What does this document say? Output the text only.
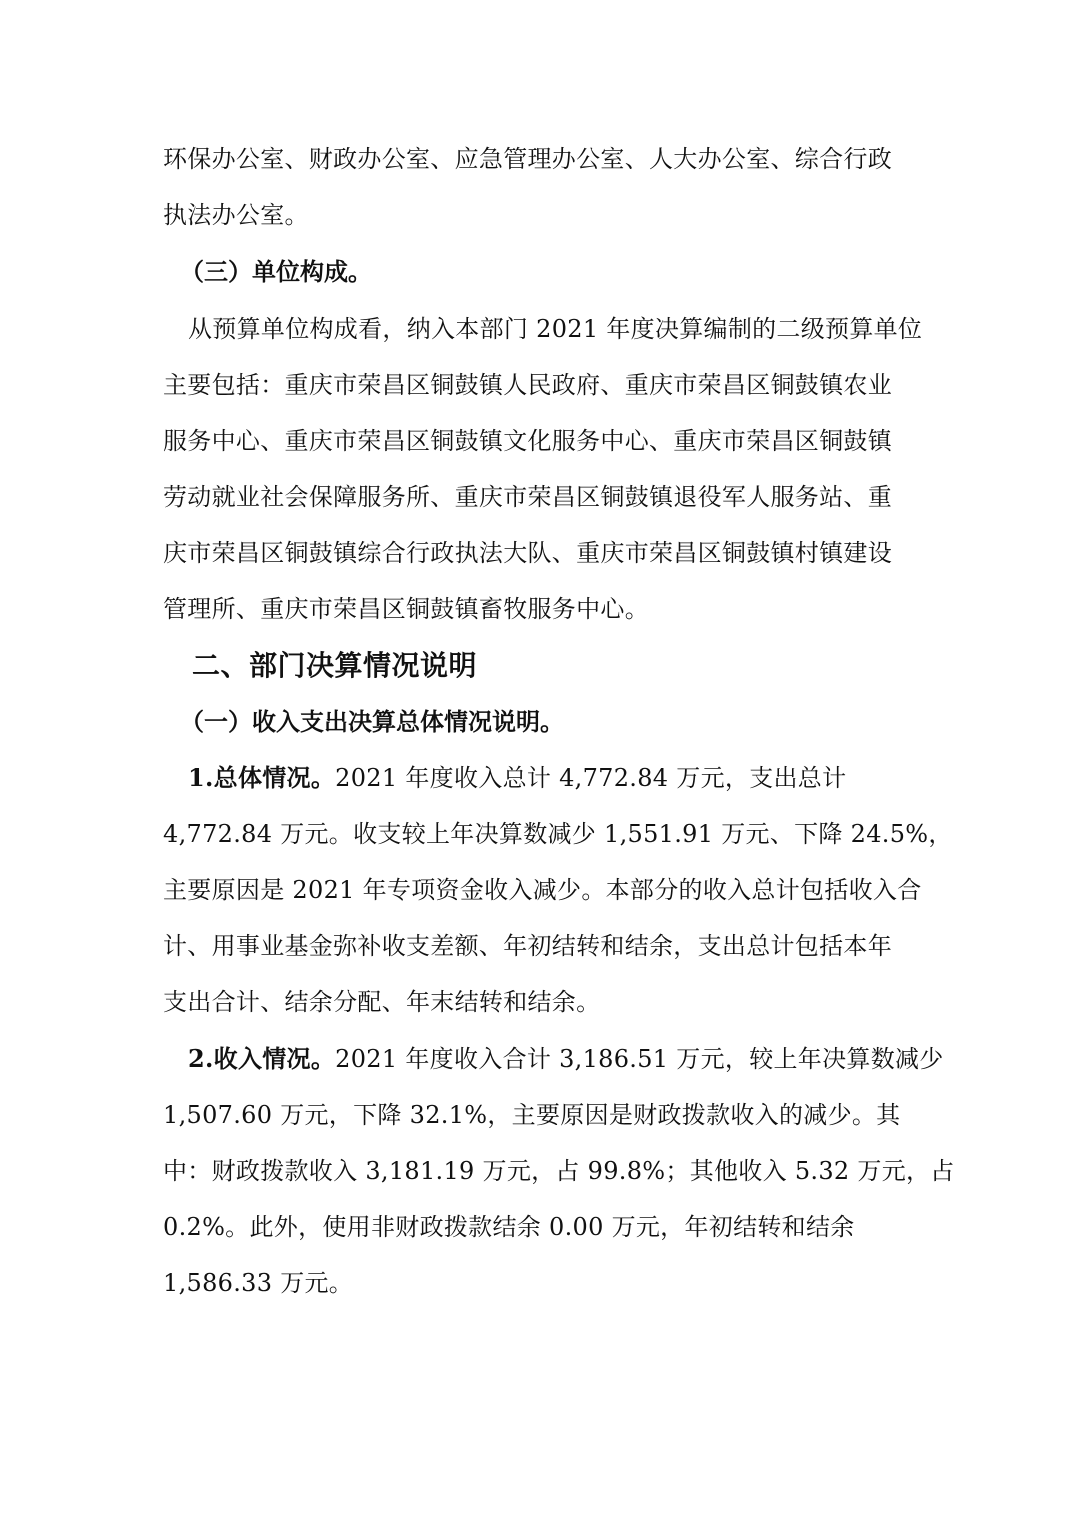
环保办公室、财政办公室、应急管理办公室、人大办公室、综合行政
执法办公室。
（三）单位构成。
从预算单位构成看，纳入本部门 2021 年度决算编制的二级预算单位
主要包括：重庆市荣昌区铜鼓镇人民政府、重庆市荣昌区铜鼓镇农业
服务中心、重庆市荣昌区铜鼓镇文化服务中心、重庆市荣昌区铜鼓镇
劳动就业社会保障服务所、重庆市荣昌区铜鼓镇退役军人服务站、重
庆市荣昌区铜鼓镇综合行政执法大队、重庆市荣昌区铜鼓镇村镇建设
管理所、重庆市荣昌区铜鼓镇畜牧服务中心。
二、部门决算情况说明
（一）收入支出决算总体情况说明。
1.总体情况。2021 年度收入总计 4,772.84 万元，支出总计
4,772.84 万元。收支较上年决算数减少 1,551.91 万元、下降 24.5%，
主要原因是 2021 年专项资金收入减少。本部分的收入总计包括收入合
计、用事业基金弥补收支差额、年初结转和结余，支出总计包括本年
支出合计、结余分配、年末结转和结余。
2.收入情况。2021 年度收入合计 3,186.51 万元，较上年决算数减少
1,507.60 万元，下降 32.1%，主要原因是财政拨款收入的减少。其
中：财政拨款收入 3,181.19 万元，占 99.8%；其他收入 5.32 万元，占
0.2%。此外，使用非财政拨款结余 0.00 万元，年初结转和结余
1,586.33 万元。
